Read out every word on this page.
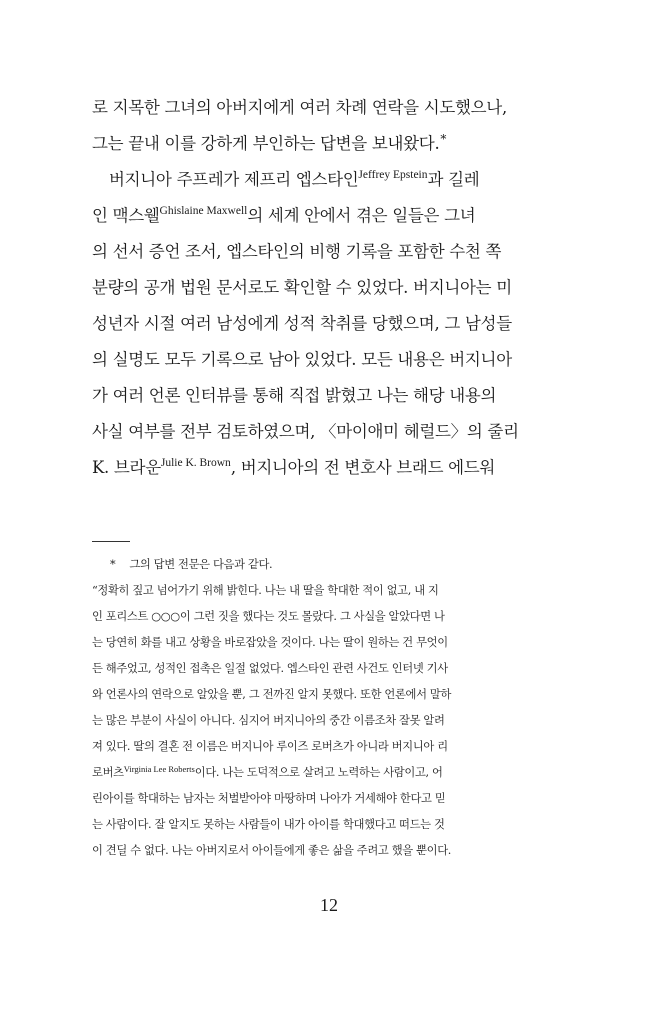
로 지목한 그녀의 아버지에게 여러 차례 연락을 시도했으나,
그는 끝내 이를 강하게 부인하는 답변을 보내왔다.*
버지니아 주프레가 제프리 엡스타인$^{Jeffrey Epstein}$과 길레
인 맥스웰$^{Ghislaine Maxwell}$의 세계 안에서 겪은 일들은 그녀
의 선서 증언 조서, 엡스타인의 비행 기록을 포함한 수천 쪽
분량의 공개 법원 문서로도 확인할 수 있었다. 버지니아는 미
성년자 시절 여러 남성에게 성적 착취를 당했으며, 그 남성들
의 실명도 모두 기록으로 남아 있었다. 모든 내용은 버지니아
가 여러 언론 인터뷰를 통해 직접 밝혔고 나는 해당 내용의
사실 여부를 전부 검토하였으며, 〈마이애미 헤럴드〉의 줄리
K. 브라운$^{Julie K. Brown}$, 버지니아의 전 변호사 브래드 에드워
* 그의 답변 전문은 다음과 같다.
“정확히 짚고 넘어가기 위해 밝힌다. 나는 내 딸을 학대한 적이 없고, 내 지
인 포리스트 ○○○이 그런 짓을 했다는 것도 몰랐다. 그 사실을 알았다면 나
는 당연히 화를 내고 상황을 바로잡았을 것이다. 나는 딸이 원하는 건 무엇이
든 해주었고, 성적인 접촉은 일절 없었다. 엡스타인 관련 사건도 인터넷 기사
와 언론사의 연락으로 알았을 뿐, 그 전까진 알지 못했다. 또한 언론에서 말하
는 많은 부분이 사실이 아니다. 심지어 버지니아의 중간 이름조차 잘못 알려
져 있다. 딸의 결혼 전 이름은 버지니아 루이즈 로버츠가 아니라 버지니아 리
로버츠$^{Virginia Lee Roberts}$이다. 나는 도덕적으로 살려고 노력하는 사람이고, 어
린아이를 학대하는 남자는 처벌받아야 마땅하며 나아가 거세해야 한다고 믿
는 사람이다. 잘 알지도 못하는 사람들이 내가 아이를 학대했다고 떠드는 것
이 견딜 수 없다. 나는 아버지로서 아이들에게 좋은 삶을 주려고 했을 뿐이다.
12
